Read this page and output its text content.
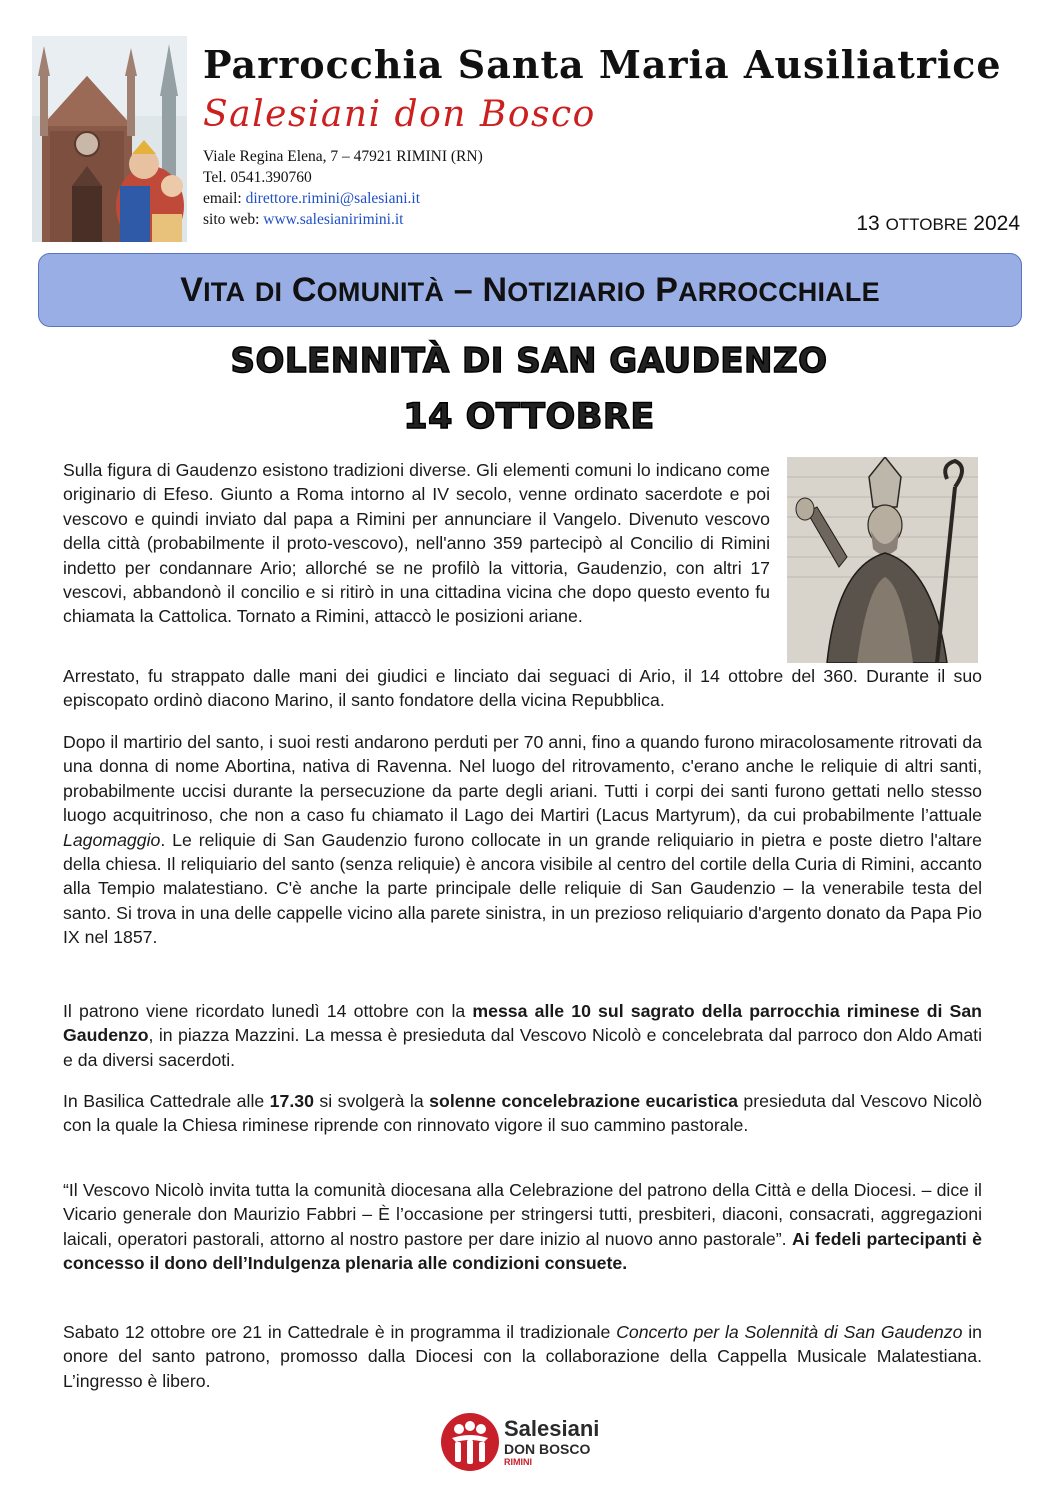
Parrocchia Santa Maria Ausiliatrice
Salesiani don Bosco
Viale Regina Elena, 7 – 47921 RIMINI (RN)
Tel. 0541.390760
email: direttore.rimini@salesiani.it
sito web: www.salesianirimini.it	13 OTTOBRE 2024
VITA DI COMUNITÀ – NOTIZIARIO PARROCCHIALE
SOLENNITÀ DI SAN GAUDENZO
14 OTTOBRE
Sulla figura di Gaudenzo esistono tradizioni diverse. Gli elementi comuni lo indicano come originario di Efeso. Giunto a Roma intorno al IV secolo, venne ordinato sacerdote e poi vescovo e quindi inviato dal papa a Rimini per annunciare il Vangelo. Divenuto vescovo della città (probabilmente il proto-vescovo), nell'anno 359 partecipò al Concilio di Rimini indetto per condannare Ario; allorché se ne profilò la vittoria, Gaudenzio, con altri 17 vescovi, abbandonò il concilio e si ritirò in una cittadina vicina che dopo questo evento fu chiamata la Cattolica. Tornato a Rimini, attaccò le posizioni ariane.
Arrestato, fu strappato dalle mani dei giudici e linciato dai seguaci di Ario, il 14 ottobre del 360. Durante il suo episcopato ordinò diacono Marino, il santo fondatore della vicina Repubblica.
Dopo il martirio del santo, i suoi resti andarono perduti per 70 anni, fino a quando furono miracolosamente ritrovati da una donna di nome Abortina, nativa di Ravenna. Nel luogo del ritrovamento, c'erano anche le reliquie di altri santi, probabilmente uccisi durante la persecuzione da parte degli ariani. Tutti i corpi dei santi furono gettati nello stesso luogo acquitrinoso, che non a caso fu chiamato il Lago dei Martiri (Lacus Martyrum), da cui probabilmente l’attuale Lagomaggio. Le reliquie di San Gaudenzio furono collocate in un grande reliquiario in pietra e poste dietro l'altare della chiesa. Il reliquiario del santo (senza reliquie) è ancora visibile al centro del cortile della Curia di Rimini, accanto alla Tempio malatestiano. C'è anche la parte principale delle reliquie di San Gaudenzio – la venerabile testa del santo. Si trova in una delle cappelle vicino alla parete sinistra, in un prezioso reliquiario d'argento donato da Papa Pio IX nel 1857.
Il patrono viene ricordato lunedì 14 ottobre con la messa alle 10 sul sagrato della parrocchia riminese di San Gaudenzo, in piazza Mazzini. La messa è presieduta dal Vescovo Nicolò e concelebrata dal parroco don Aldo Amati e da diversi sacerdoti.
In Basilica Cattedrale alle 17.30 si svolgerà la solenne concelebrazione eucaristica presieduta dal Vescovo Nicolò con la quale la Chiesa riminese riprende con rinnovato vigore il suo cammino pastorale.
“Il Vescovo Nicolò invita tutta la comunità diocesana alla Celebrazione del patrono della Città e della Diocesi. – dice il Vicario generale don Maurizio Fabbri – È l’occasione per stringersi tutti, presbiteri, diaconi, consacrati, aggregazioni laicali, operatori pastorali, attorno al nostro pastore per dare inizio al nuovo anno pastorale”. Ai fedeli partecipanti è concesso il dono dell’Indulgenza plenaria alle condizioni consuete.
Sabato 12 ottobre ore 21 in Cattedrale è in programma il tradizionale Concerto per la Solennità di San Gaudenzo in onore del santo patrono, promosso dalla Diocesi con la collaborazione della Cappella Musicale Malatestiana. L’ingresso è libero.
Salesiani
DON BOSCO
RIMINI
